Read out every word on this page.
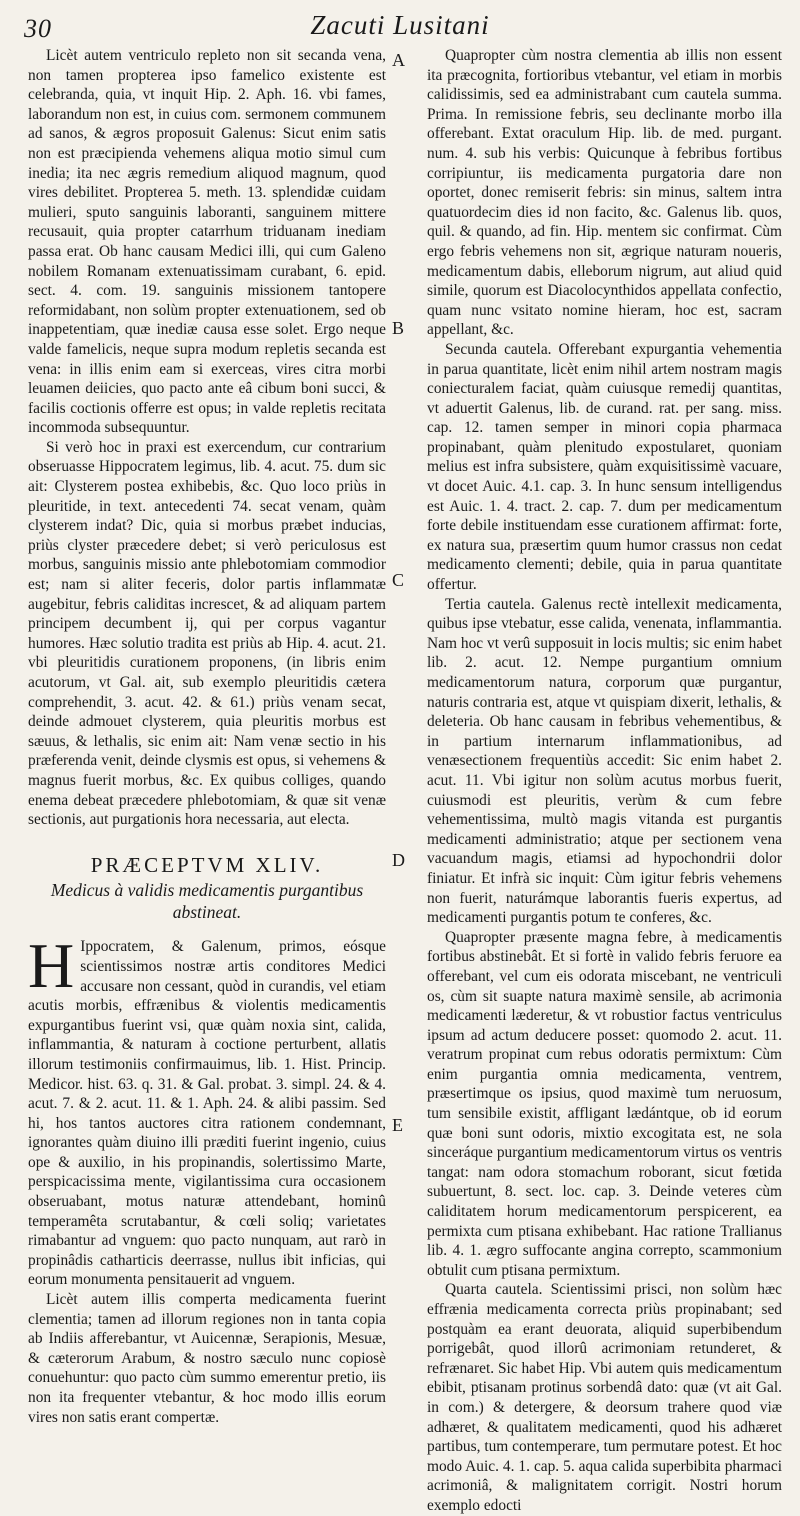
30	Zacuti Lusitani
A
B
C
D
E

Licèt autem ventriculo repleto non sit secanda vena, non tamen propterea ipso famelico existente est celebranda, quia, vt inquit Hip. 2. Aph. 16. vbi fames, laborandum non est, in cuius com. sermonem communem ad sanos, & ægros proposuit Galenus: Sicut enim satis non est præcipienda vehemens aliqua motio simul cum inedia; ita nec ægris remedium aliquod magnum, quod vires debilitet. Propterea 5. meth. 13. splendidæ cuidam mulieri, sputo sanguinis laboranti, sanguinem mittere recusauit, quia propter catarrhum triduanam inediam passa erat. Ob hanc causam Medici illi, qui cum Galeno nobilem Romanam extenuatissimam curabant, 6. epid. sect. 4. com. 19. sanguinis missionem tantopere reformidabant, non solùm propter extenuationem, sed ob inappetentiam, quæ inediæ causa esse solet. Ergo neque valde famelicis, neque supra modum repletis secanda est vena: in illis enim eam si exerceas, vires citra morbi leuamen deiicies, quo pacto ante eâ cibum boni succi, & facilis coctionis offerre est opus; in valde repletis recitata incommoda subsequuntur.

Si verò hoc in praxi est exercendum, cur contrarium obseruasse Hippocratem legimus, lib. 4. acut. 75. dum sic ait: Clysterem postea exhibebis, &c. Quo loco priùs in pleuritide, in text. antecedenti 74. secat venam, quàm clysterem indat? Dic, quia si morbus præbet inducias, priùs clyster præcedere debet; si verò periculosus est morbus, sanguinis missio ante phlebotomiam commodior est; nam si aliter feceris, dolor partis inflammatæ augebitur, febris caliditas increscet, & ad aliquam partem principem decumbent ij, qui per corpus vagantur humores. Hæc solutio tradita est priùs ab Hip. 4. acut. 21. vbi pleuritidis curationem proponens, (in libris enim acutorum, vt Gal. ait, sub exemplo pleuritidis cætera comprehendit, 3. acut. 42. & 61.) priùs venam secat, deinde admouet clysterem, quia pleuritis morbus est sæuus, & lethalis, sic enim ait: Nam venæ sectio in his præferenda venit, deinde clysmis est opus, si vehemens & magnus fuerit morbus, &c. Ex quibus colliges, quando enema debeat præcedere phlebotomiam, & quæ sit venæ sectionis, aut purgationis hora necessaria, aut electa.

PRÆCEPTVM XLIV.
Medicus à validis medicamentis purgantibus abstineat.

H Ippocratem, & Galenum, primos, eósque scientissimos nostræ artis conditores Medici accusare non cessant, quòd in curandis, vel etiam acutis morbis, effrænibus & violentis medicamentis expurgantibus fuerint vsi, quæ quàm noxia sint, calida, inflammantia, & naturam à coctione perturbent, allatis illorum testimoniis confirmauimus, lib. 1. Hist. Princip. Medicor. hist. 63. q. 31. & Gal. probat. 3. simpl. 24. & 4. acut. 7. & 2. acut. 11. & 1. Aph. 24. & alibi passim. Sed hi, hos tantos auctores citra rationem condemnant, ignorantes quàm diuino illi præditi fuerint ingenio, cuius ope & auxilio, in his propinandis, solertissimo Marte, perspicacissima mente, vigilantissima cura occasionem obseruabant, motus naturæ attendebant, hominû temperamêta scrutabantur, & cœli soliq; varietates rimabantur ad vnguem: quo pacto nunquam, aut rarò in propinâdis catharticis deerrasse, nullus ibit inficias, qui eorum monumenta pensitauerit ad vnguem.

Licèt autem illis comperta medicamenta fuerint clementia; tamen ad illorum regiones non in tanta copia ab Indiis afferebantur, vt Auicennæ, Serapionis, Mesuæ, & cæterorum Arabum, & nostro sæculo nunc copiosè conuehuntur: quo pacto cùm summo emerentur pretio, iis non ita frequenter vtebantur, & hoc modo illis eorum vires non satis erant compertæ.

Quapropter cùm nostra clementia ab illis non essent ita præcognita, fortioribus vtebantur, vel etiam in morbis calidissimis, sed ea administrabant cum cautela summa. Prima. In remissione febris, seu declinante morbo illa offerebant. Extat oraculum Hip. lib. de med. purgant. num. 4. sub his verbis: Quicunque à febribus fortibus corripiuntur, iis medicamenta purgatoria dare non oportet, donec remiserit febris: sin minus, saltem intra quatuordecim dies id non facito, &c. Galenus lib. quos, quil. & quando, ad fin. Hip. mentem sic confirmat. Cùm ergo febris vehemens non sit, ægrique naturam noueris, medicamentum dabis, elleborum nigrum, aut aliud quid simile, quorum est Diacolocynthidos appellata confectio, quam nunc vsitato nomine hieram, hoc est, sacram appellant, &c.

Secunda cautela. Offerebant expurgantia vehementia in parua quantitate, licèt enim nihil artem nostram magis coniecturalem faciat, quàm cuiusque remedij quantitas, vt aduertit Galenus, lib. de curand. rat. per sang. miss. cap. 12. tamen semper in minori copia pharmaca propinabant, quàm plenitudo expostularet, quoniam melius est infra subsistere, quàm exquisitissimè vacuare, vt docet Auic. 4.1. cap. 3. In hunc sensum intelligendus est Auic. 1. 4. tract. 2. cap. 7. dum per medicamentum forte debile instituendam esse curationem affirmat: forte, ex natura sua, præsertim quum humor crassus non cedat medicamento clementi; debile, quia in parua quantitate offertur.

Tertia cautela. Galenus rectè intellexit medicamenta, quibus ipse vtebatur, esse calida, venenata, inflammantia. Nam hoc vt verû supposuit in locis multis; sic enim habet lib. 2. acut. 12. Nempe purgantium omnium medicamentorum natura, corporum quæ purgantur, naturis contraria est, atque vt quispiam dixerit, lethalis, & deleteria. Ob hanc causam in febribus vehementibus, & in partium internarum inflammationibus, ad venæsectionem frequentiùs accedit: Sic enim habet 2. acut. 11. Vbi igitur non solùm acutus morbus fuerit, cuiusmodi est pleuritis, verùm & cum febre vehementissima, multò magis vitanda est purgantis medicamenti administratio; atque per sectionem vena vacuandum magis, etiamsi ad hypochondrii dolor finiatur. Et infrà sic inquit: Cùm igitur febris vehemens non fuerit, naturámque laborantis fueris expertus, ad medicamenti purgantis potum te conferes, &c.

Quapropter præsente magna febre, à medicamentis fortibus abstinebât. Et si fortè in valido febris feruore ea offerebant, vel cum eis odorata miscebant, ne ventriculi os, cùm sit suapte natura maximè sensile, ab acrimonia medicamenti læderetur, & vt robustior factus ventriculus ipsum ad actum deducere posset: quomodo 2. acut. 11. veratrum propinat cum rebus odoratis permixtum: Cùm enim purgantia omnia medicamenta, ventrem, præsertimque os ipsius, quod maximè tum neruosum, tum sensibile existit, affligant lædántque, ob id eorum quæ boni sunt odoris, mixtio excogitata est, ne sola sinceráque purgantium medicamentorum virtus os ventris tangat: nam odora stomachum roborant, sicut fœtida subuertunt, 8. sect. loc. cap. 3. Deinde veteres cùm caliditatem horum medicamentorum perspicerent, ea permixta cum ptisana exhibebant. Hac ratione Trallianus lib. 4. 1. ægro suffocante angina correpto, scammonium obtulit cum ptisana permixtum.

Quarta cautela. Scientissimi prisci, non solùm hæc effrænia medicamenta correcta priùs propinabant; sed postquàm ea erant deuorata, aliquid superbibendum porrigebât, quod illorû acrimoniam retunderet, & refrænaret. Sic habet Hip. Vbi autem quis medicamentum ebibit, ptisanam protinus sorbendâ dato: quæ (vt ait Gal. in com.) & detergere, & deorsum trahere quod viæ adhæret, & qualitatem medicamenti, quod his adhæret partibus, tum contemperare, tum permutare potest. Et hoc modo Auic. 4. 1. cap. 5. aqua calida superbibita pharmaci acrimoniâ, & malignitatem corrigit. Nostri horum exemplo edocti
